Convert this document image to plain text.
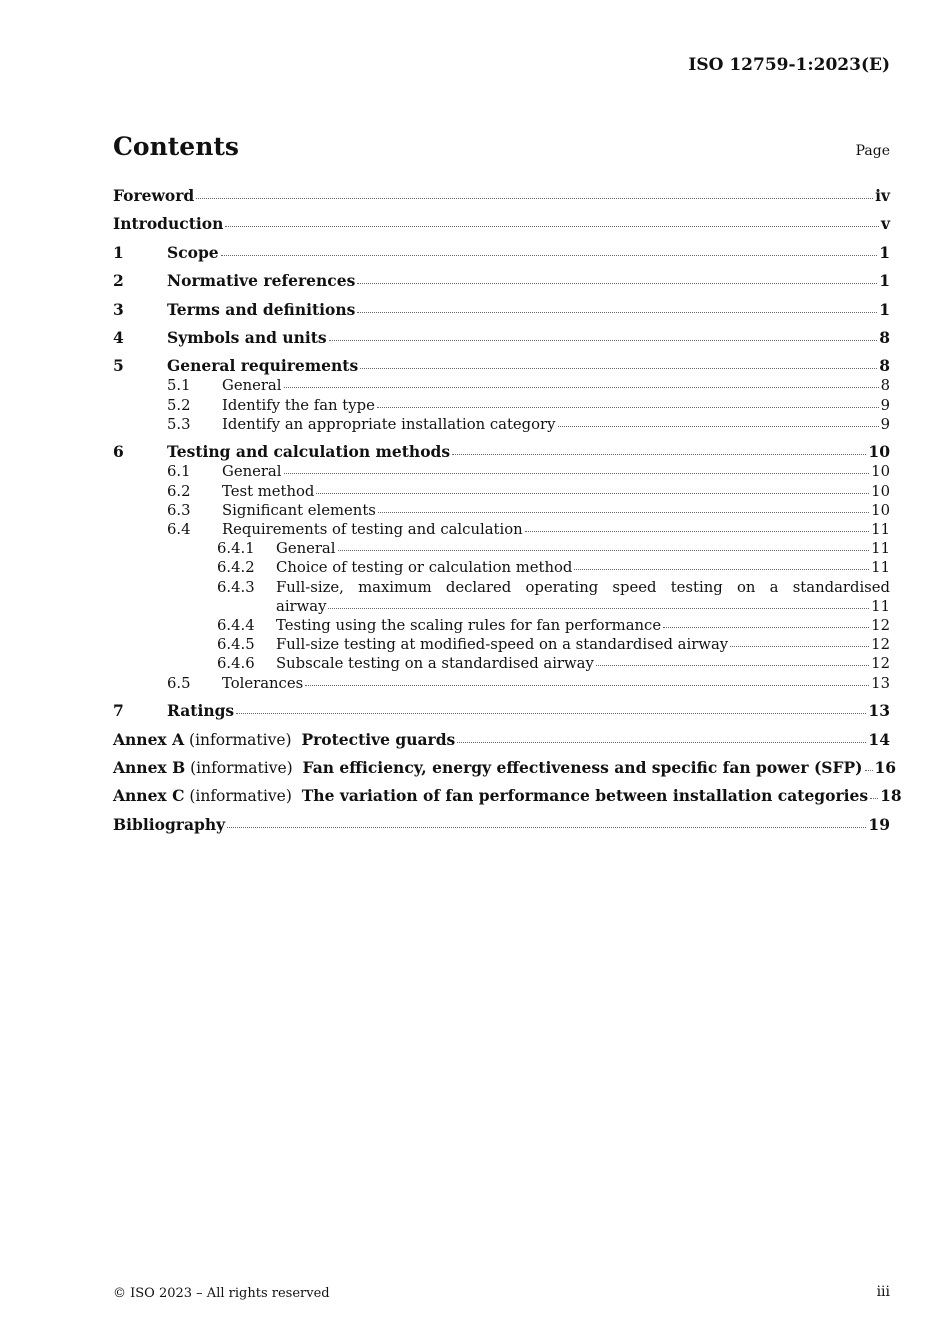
ISO 12759-1:2023(E)
Contents	Page
Foreword	iv
Introduction	v
1	Scope	1
2	Normative references	1
3	Terms and definitions	1
4	Symbols and units	8
5	General requirements	8
5.1	General	8
5.2	Identify the fan type	9
5.3	Identify an appropriate installation category	9
6	Testing and calculation methods	10
6.1	General	10
6.2	Test method	10
6.3	Significant elements	10
6.4	Requirements of testing and calculation	11
6.4.1	General	11
6.4.2	Choice of testing or calculation method	11
6.4.3	Full-size, maximum declared operating speed testing on a standardised
airway	11
6.4.4	Testing using the scaling rules for fan performance	12
6.4.5	Full-size testing at modified-speed on a standardised airway	12
6.4.6	Subscale testing on a standardised airway	12
6.5	Tolerances	13
7	Ratings	13
Annex A (informative)  Protective guards	14
Annex B (informative)  Fan efficiency, energy effectiveness and specific fan power (SFP) 16
Annex C (informative)  The variation of fan performance between installation categories 18
Bibliography	19
© ISO 2023 – All rights reserved	iii
